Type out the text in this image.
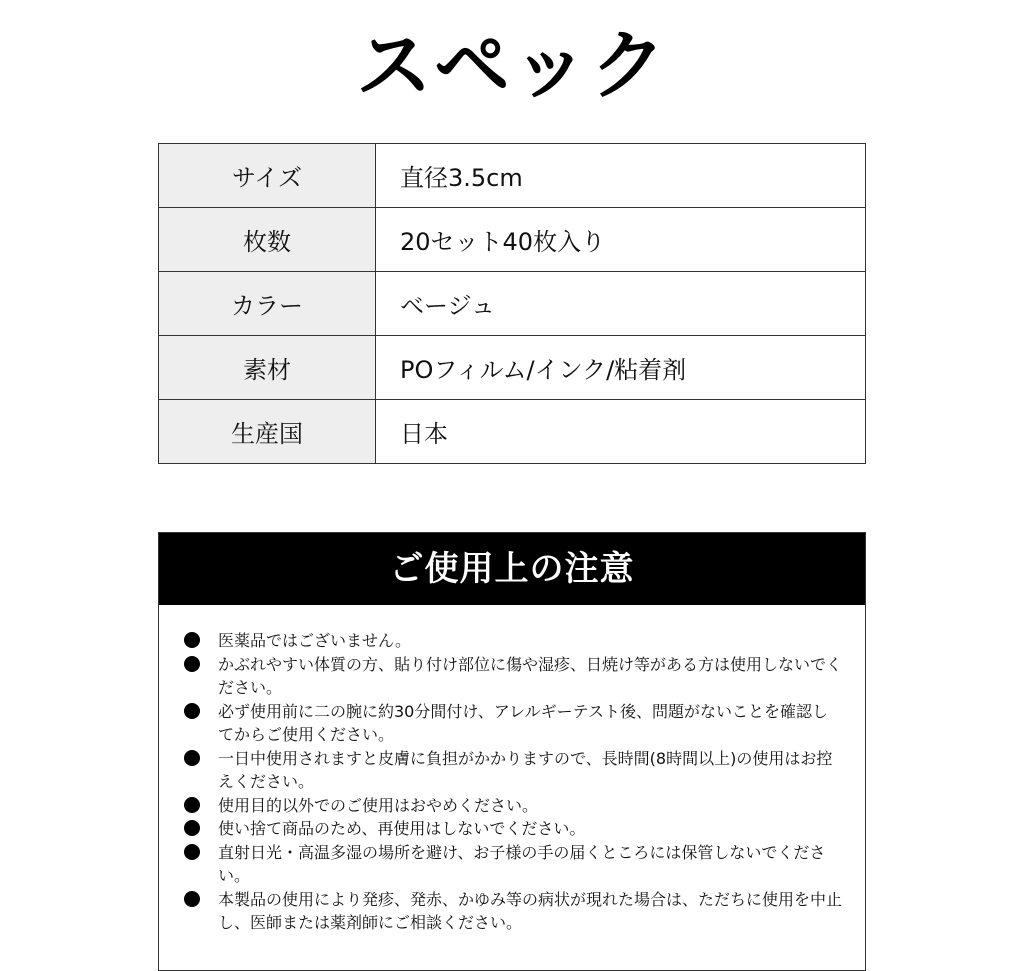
スペック
サイズ	直径3.5cm
枚数	20セット40枚入り
カラー	ベージュ
素材	POフィルム/インク/粘着剤
生産国	日本
ご使用上の注意
医薬品ではございません。
かぶれやすい体質の方、貼り付け部位に傷や湿疹、日焼け等がある方は使用しないでください。
必ず使用前に二の腕に約30分間付け、アレルギーテスト後、問題がないことを確認してからご使用ください。
一日中使用されますと皮膚に負担がかかりますので、長時間(8時間以上)の使用はお控えください。
使用目的以外でのご使用はおやめください。
使い捨て商品のため、再使用はしないでください。
直射日光・高温多湿の場所を避け、お子様の手の届くところには保管しないでください。
本製品の使用により発疹、発赤、かゆみ等の病状が現れた場合は、ただちに使用を中止し、医師または薬剤師にご相談ください。
